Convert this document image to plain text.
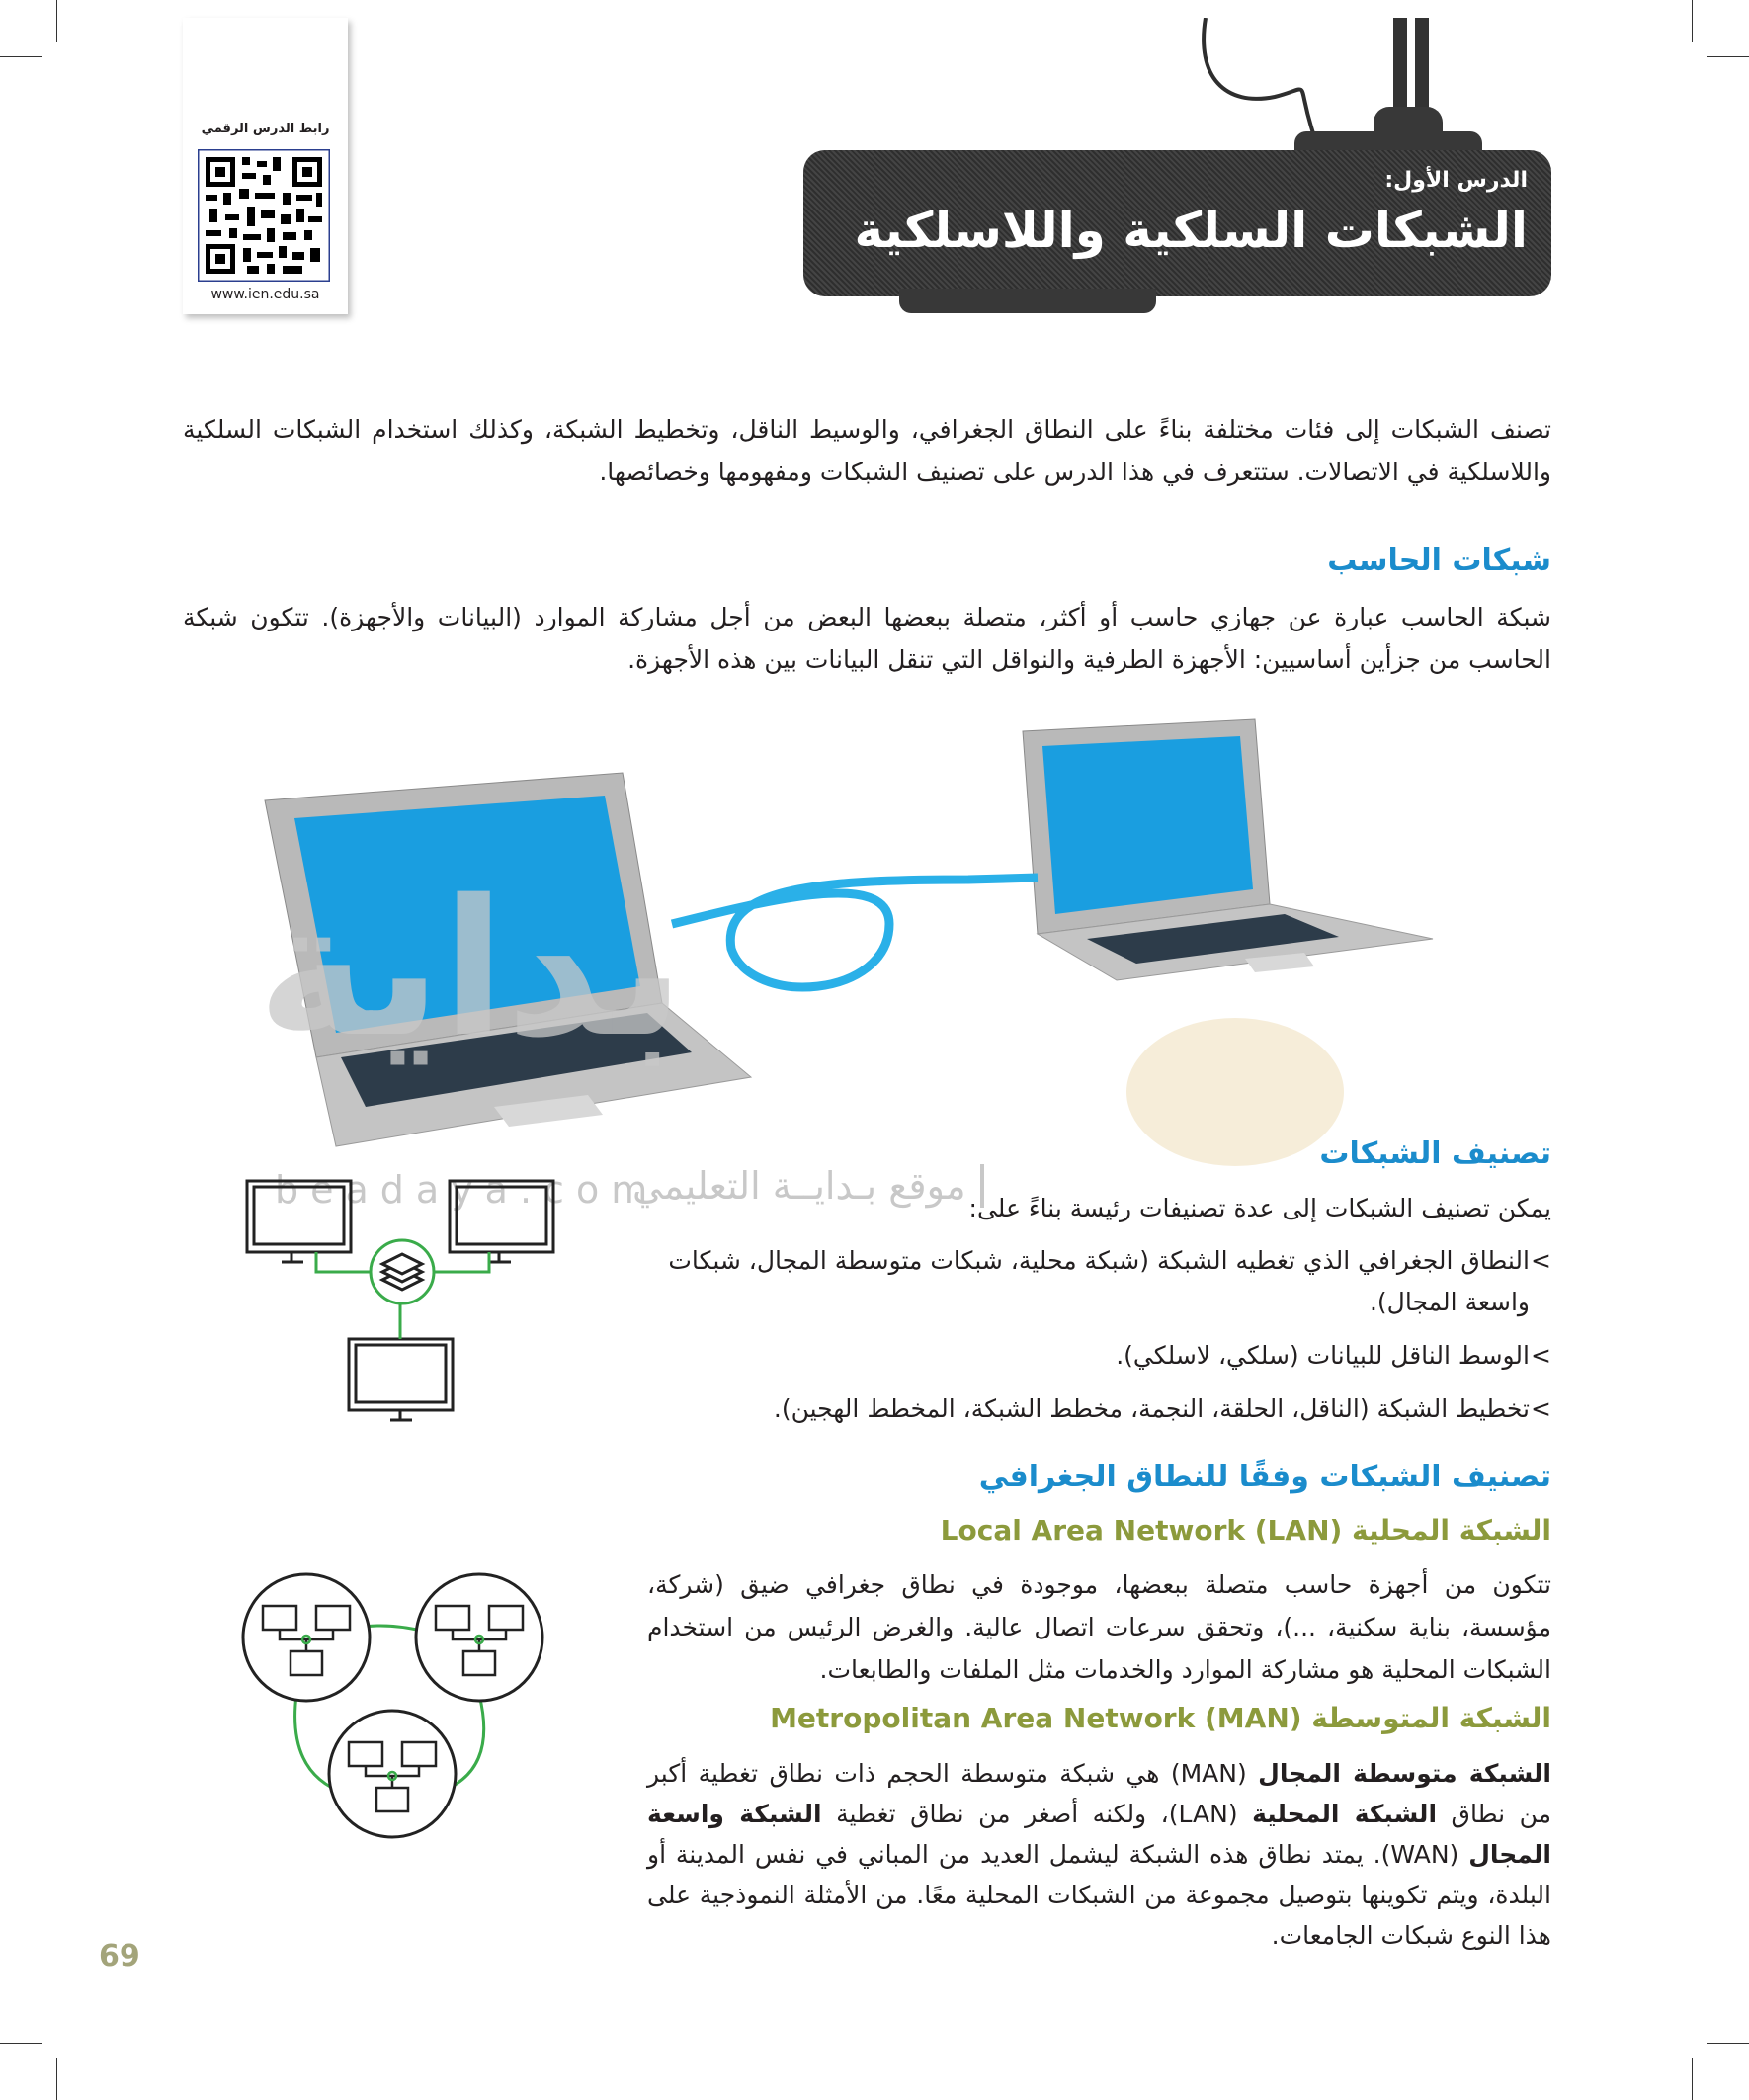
رابط الدرس الرقمي
www.ien.edu.sa
الدرس الأول:
الشبكات السلكية واللاسلكية
تصنف الشبكات إلى فئات مختلفة بناءً على النطاق الجغرافي، والوسيط الناقل، وتخطيط الشبكة، وكذلك استخدام الشبكات السلكية واللاسلكية في الاتصالات. ستتعرف في هذا الدرس على تصنيف الشبكات ومفهومها وخصائصها.
شبكات الحاسب
شبكة الحاسب عبارة عن جهازي حاسب أو أكثر، متصلة ببعضها البعض من أجل مشاركة الموارد (البيانات والأجهزة). تتكون شبكة الحاسب من جزأين أساسيين: الأجهزة الطرفية والنواقل التي تنقل البيانات بين هذه الأجهزة.
بداية
beadaya.com
موقع بـدايــة التعليمي
تصنيف الشبكات
يمكن تصنيف الشبكات إلى عدة تصنيفات رئيسة بناءً على:
>
النطاق الجغرافي الذي تغطيه الشبكة (شبكة محلية، شبكات متوسطة المجال، شبكات واسعة المجال).
>
الوسط الناقل للبيانات (سلكي، لاسلكي).
>
تخطيط الشبكة (الناقل، الحلقة، النجمة، مخطط الشبكة، المخطط الهجين).
تصنيف الشبكات وفقًا للنطاق الجغرافي
الشبكة المحلية Local Area Network (LAN)
تتكون من أجهزة حاسب متصلة ببعضها، موجودة في نطاق جغرافي ضيق (شركة، مؤسسة، بناية سكنية، ...)، وتحقق سرعات اتصال عالية. والغرض الرئيس من استخدام الشبكات المحلية هو مشاركة الموارد والخدمات مثل الملفات والطابعات.
الشبكة المتوسطة Metropolitan Area Network (MAN)
الشبكة متوسطة المجال (MAN) هي شبكة متوسطة الحجم ذات نطاق تغطية أكبر من نطاق الشبكة المحلية (LAN)، ولكنه أصغر من نطاق تغطية الشبكة واسعة المجال (WAN). يمتد نطاق هذه الشبكة ليشمل العديد من المباني في نفس المدينة أو البلدة، ويتم تكوينها بتوصيل مجموعة من الشبكات المحلية معًا. من الأمثلة النموذجية على هذا النوع شبكات الجامعات.
69
